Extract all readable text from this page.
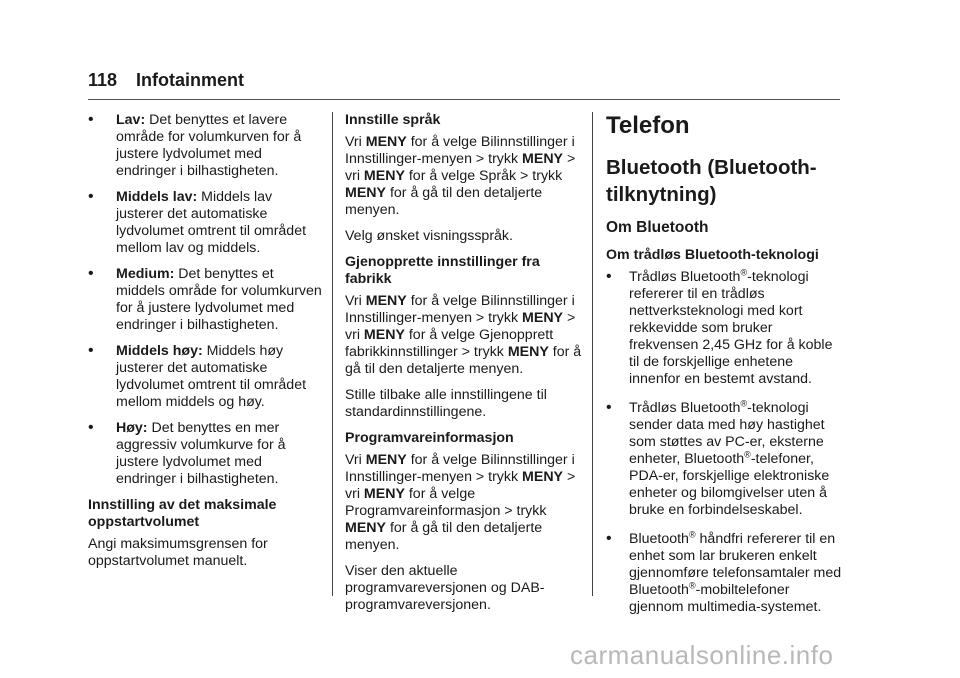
118 Infotainment
• Lav: Det benyttes et lavere område for volumkurven for å justere lydvolumet med endringer i bilhastigheten.
• Middels lav: Middels lav justerer det automatiske lydvolumet omtrent til området mellom lav og middels.
• Medium: Det benyttes et middels område for volumkurven for å justere lydvolumet med endringer i bilhastigheten.
• Middels høy: Middels høy justerer det automatiske lydvolumet omtrent til området mellom middels og høy.
• Høy: Det benyttes en mer aggressiv volumkurve for å justere lydvolumet med endringer i bilhastigheten.
Innstilling av det maksimale oppstartvolumet
Angi maksimumsgrensen for oppstartvolumet manuelt.
Innstille språk
Vri MENY for å velge Bilinnstillinger i Innstillinger-menyen > trykk MENY > vri MENY for å velge Språk > trykk MENY for å gå til den detaljerte menyen.
Velg ønsket visningsspråk.
Gjenopprette innstillinger fra fabrikk
Vri MENY for å velge Bilinnstillinger i Innstillinger-menyen > trykk MENY > vri MENY for å velge Gjenopprett fabrikkinnstillinger > trykk MENY for å gå til den detaljerte menyen.
Stille tilbake alle innstillingene til standardinnstillingene.
Programvareinformasjon
Vri MENY for å velge Bilinnstillinger i Innstillinger-menyen > trykk MENY > vri MENY for å velge Programvareinformasjon > trykk MENY for å gå til den detaljerte menyen.
Viser den aktuelle programvareversjonen og DAB-programvareversjonen.
Telefon
Bluetooth (Bluetooth-tilknytning)
Om Bluetooth
Om trådløs Bluetooth-teknologi
• Trådløs Bluetooth®-teknologi refererer til en trådløs nettverksteknologi med kort rekkevidde som bruker frekvensen 2,45 GHz for å koble til de forskjellige enhetene innenfor en bestemt avstand.
• Trådløs Bluetooth®-teknologi sender data med høy hastighet som støttes av PC-er, eksterne enheter, Bluetooth®-telefoner, PDA-er, forskjellige elektroniske enheter og bilomgivelser uten å bruke en forbindelseskabel.
• Bluetooth® håndfri refererer til en enhet som lar brukeren enkelt gjennomføre telefonsamtaler med Bluetooth®-mobiltelefoner gjennom multimedia-systemet.
carmanualsonline.info
